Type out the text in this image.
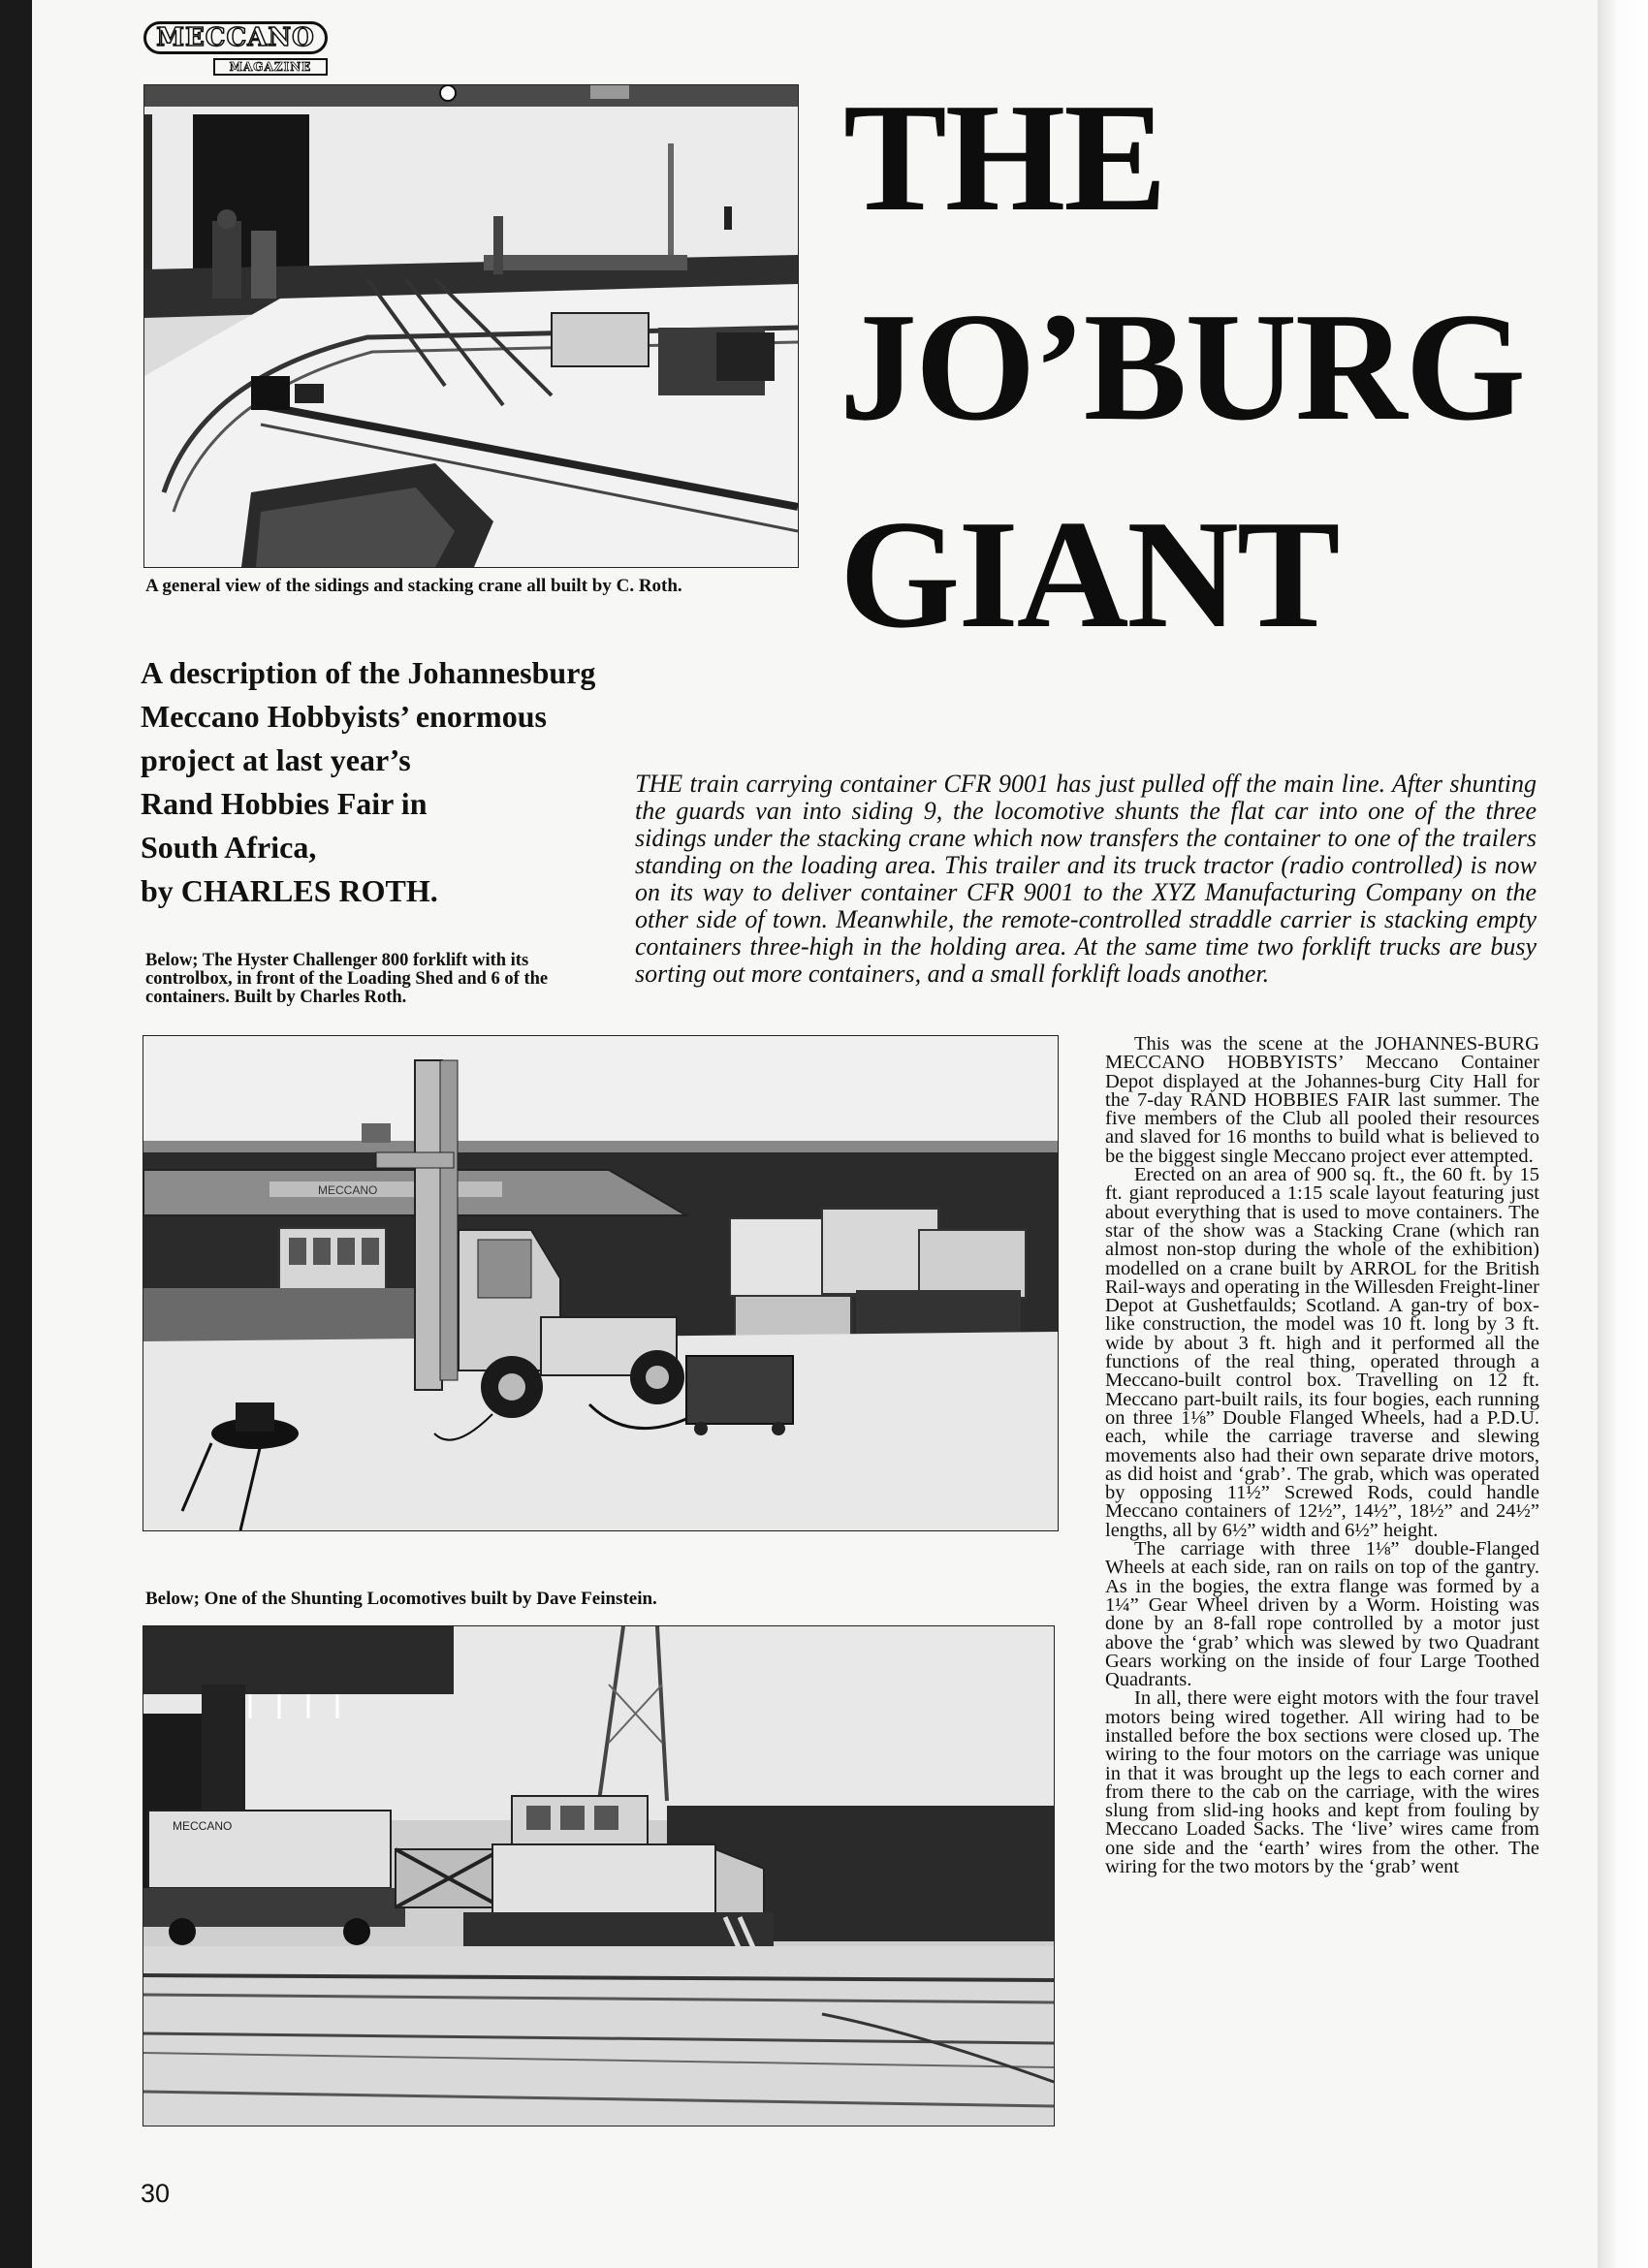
MECCANO
MAGAZINE
A general view of the sidings and stacking crane all built by C. Roth.
THE
JO’BURG
GIANT
A description of the Johannesburg
Meccano Hobbyists’ enormous
project at last year’s
Rand Hobbies Fair in
South Africa,
by CHARLES ROTH.
Below; The Hyster Challenger 800 forklift with its controlbox, in front of the Loading Shed and 6 of the containers. Built by Charles Roth.
THE train carrying container CFR 9001 has just pulled off the main line. After shunting the guards van into siding 9, the locomotive shunts the flat car into one of the three sidings under the stacking crane which now transfers the container to one of the trailers standing on the loading area. This trailer and its truck tractor (radio controlled) is now on its way to deliver container CFR 9001 to the XYZ Manufacturing Company on the other side of town. Meanwhile, the remote-controlled straddle carrier is stacking empty containers three-high in the holding area. At the same time two forklift trucks are busy sorting out more containers, and a small forklift loads another.
MECCANO
Below; One of the Shunting Locomotives built by Dave Feinstein.
MECCANO

This was the scene at the JOHANNES-BURG MECCANO HOBBYISTS’ Meccano Container Depot displayed at the Johannes-burg City Hall for the 7-day RAND HOBBIES FAIR last summer. The five members of the Club all pooled their resources and slaved for 16 months to build what is believed to be the biggest single Meccano project ever attempted.

Erected on an area of 900 sq. ft., the 60 ft. by 15 ft. giant reproduced a 1:15 scale layout featuring just about everything that is used to move containers. The star of the show was a Stacking Crane (which ran almost non-stop during the whole of the exhibition) modelled on a crane built by ARROL for the British Rail-ways and operating in the Willesden Freight-liner Depot at Gushetfaulds; Scotland. A gan-try of box-like construction, the model was 10 ft. long by 3 ft. wide by about 3 ft. high and it performed all the functions of the real thing, operated through a Meccano-built control box. Travelling on 12 ft. Meccano part-built rails, its four bogies, each running on three 1⅛” Double Flanged Wheels, had a P.D.U. each, while the carriage traverse and slewing movements also had their own separate drive motors, as did hoist and ‘grab’. The grab, which was operated by opposing 11½” Screwed Rods, could handle Meccano containers of 12½”, 14½”, 18½” and 24½” lengths, all by 6½” width and 6½” height.

The carriage with three 1⅛” double-Flanged Wheels at each side, ran on rails on top of the gantry. As in the bogies, the extra flange was formed by a 1¼” Gear Wheel driven by a Worm. Hoisting was done by an 8-fall rope controlled by a motor just above the ‘grab’ which was slewed by two Quadrant Gears working on the inside of four Large Toothed Quadrants.

In all, there were eight motors with the four travel motors being wired together. All wiring had to be installed before the box sections were closed up. The wiring to the four motors on the carriage was unique in that it was brought up the legs to each corner and from there to the cab on the carriage, with the wires slung from slid-ing hooks and kept from fouling by Meccano Loaded Sacks. The ‘live’ wires came from one side and the ‘earth’ wires from the other. The wiring for the two motors by the ‘grab’ went

30
